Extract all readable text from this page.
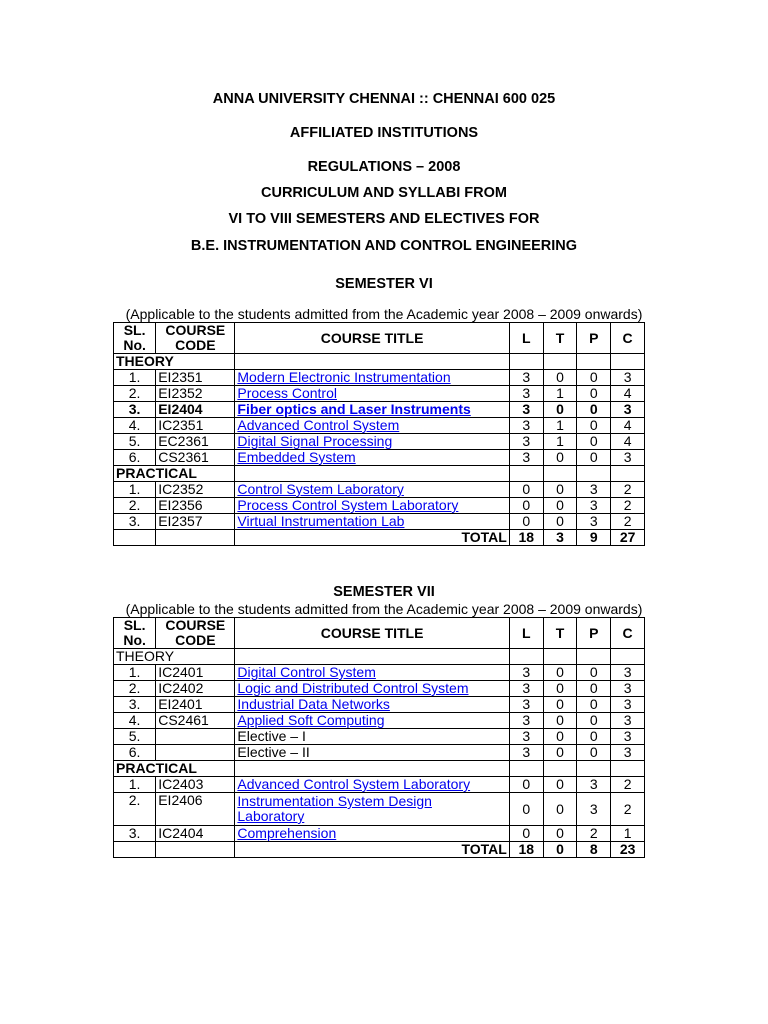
ANNA UNIVERSITY CHENNAI :: CHENNAI 600 025
AFFILIATED INSTITUTIONS
REGULATIONS – 2008
CURRICULUM AND SYLLABI FROM
VI TO VIII SEMESTERS AND ELECTIVES FOR
B.E. INSTRUMENTATION AND CONTROL ENGINEERING
SEMESTER VI
(Applicable to the students admitted from the Academic year 2008 – 2009 onwards)
SL.
No.	COURSE
CODE	COURSE TITLE	L	T	P	C
THEORY						
1.	EI2351	Modern Electronic Instrumentation	3	0	0	3
2.	EI2352	Process Control	3	1	0	4
3.	EI2404	Fiber optics and Laser Instruments	3	0	0	3
4.	IC2351	Advanced Control System	3	1	0	4
5.	EC2361	Digital Signal Processing	3	1	0	4
6.	CS2361	Embedded System	3	0	0	3
PRACTICAL						
1.	IC2352	Control System Laboratory	0	0	3	2
2.	EI2356	Process Control System Laboratory	0	0	3	2
3.	EI2357	Virtual Instrumentation Lab	0	0	3	2
		TOTAL	18	3	9	27
SEMESTER VII
(Applicable to the students admitted from the Academic year 2008 – 2009 onwards)
SL.
No.	COURSE
CODE	COURSE TITLE	L	T	P	C
THEORY						
1.	IC2401	Digital Control System	3	0	0	3
2.	IC2402	Logic and Distributed Control System	3	0	0	3
3.	EI2401	Industrial Data Networks	3	0	0	3
4.	CS2461	Applied Soft Computing	3	0	0	3
5.		Elective – I	3	0	0	3
6.		Elective – II	3	0	0	3
PRACTICAL						
1.	IC2403	Advanced Control System Laboratory	0	0	3	2
2.	EI2406	Instrumentation System Design
Laboratory	0	0	3	2
3.	IC2404	Comprehension	0	0	2	1
		TOTAL	18	0	8	23
